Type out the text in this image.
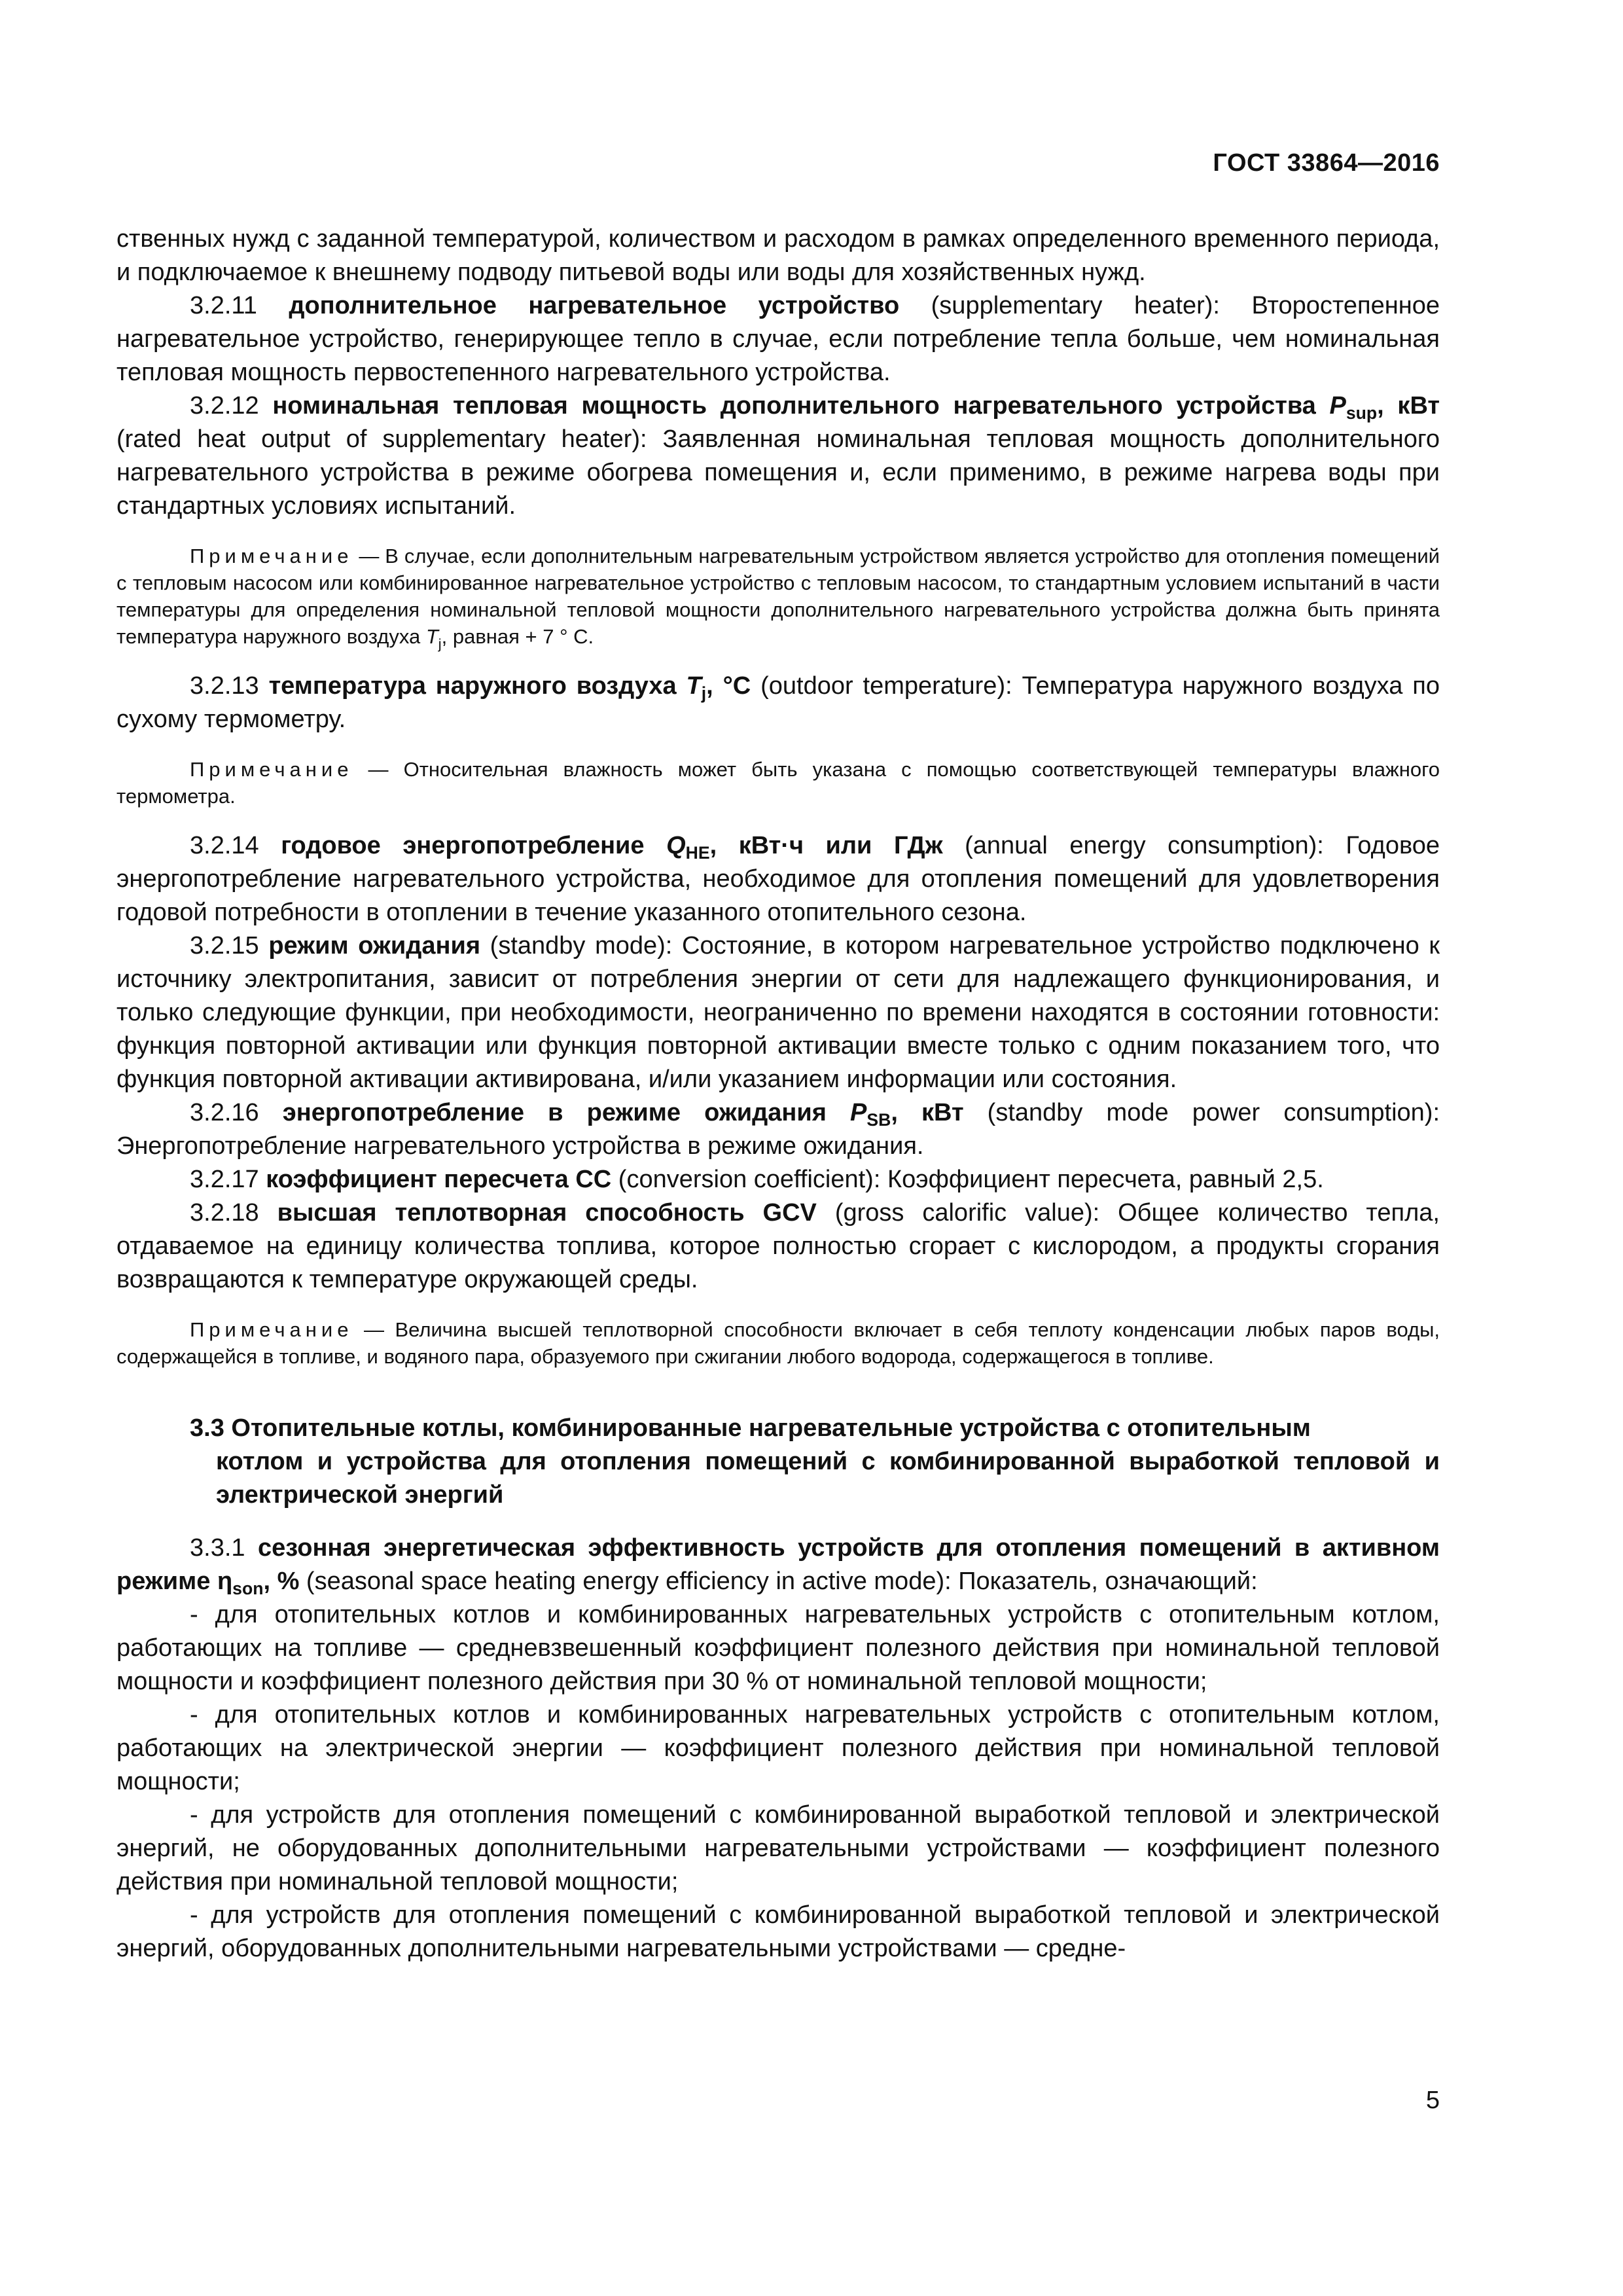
ГОСТ 33864—2016

ственных нужд с заданной температурой, количеством и расходом в рамках определенного временного периода, и подключаемое к внешнему подводу питьевой воды или воды для хозяйственных нужд.

3.2.11 дополнительное нагревательное устройство (supplementary heater): Второстепенное нагревательное устройство, генерирующее тепло в случае, если потребление тепла больше, чем номинальная тепловая мощность первостепенного нагревательного устройства.

3.2.12 номинальная тепловая мощность дополнительного нагревательного устройства $P_{sup}$, кВт (rated heat output of supplementary heater): Заявленная номинальная тепловая мощность дополнительного нагревательного устройства в режиме обогрева помещения и, если применимо, в режиме нагрева воды при стандартных условиях испытаний.

Примечание — В случае, если дополнительным нагревательным устройством является устройство для отопления помещений с тепловым насосом или комбинированное нагревательное устройство с тепловым насосом, то стандартным условием испытаний в части температуры для определения номинальной тепловой мощности дополнительного нагревательного устройства должна быть принята температура наружного воздуха $T_j$, равная + 7 ° С.

3.2.13 температура наружного воздуха $T_j$, °С (outdoor temperature): Температура наружного воздуха по сухому термометру.

Примечание — Относительная влажность может быть указана с помощью соответствующей температуры влажного термометра.

3.2.14 годовое энергопотребление $Q_{HE}$, кВт·ч или ГДж (annual energy consumption): Годовое энергопотребление нагревательного устройства, необходимое для отопления помещений для удовлетворения годовой потребности в отоплении в течение указанного отопительного сезона.

3.2.15 режим ожидания (standby mode): Состояние, в котором нагревательное устройство подключено к источнику электропитания, зависит от потребления энергии от сети для надлежащего функционирования, и только следующие функции, при необходимости, неограниченно по времени находятся в состоянии готовности: функция повторной активации или функция повторной активации вместе только с одним показанием того, что функция повторной активации активирована, и/или указанием информации или состояния.

3.2.16 энергопотребление в режиме ожидания $P_{SB}$, кВт (standby mode power consumption): Энергопотребление нагревательного устройства в режиме ожидания.

3.2.17 коэффициент пересчета СС (conversion coefficient): Коэффициент пересчета, равный 2,5.

3.2.18 высшая теплотворная способность GCV (gross calorific value): Общее количество тепла, отдаваемое на единицу количества топлива, которое полностью сгорает с кислородом, а продукты сгорания возвращаются к температуре окружающей среды.

Примечание — Величина высшей теплотворной способности включает в себя теплоту конденсации любых паров воды, содержащейся в топливе, и водяного пара, образуемого при сжигании любого водорода, содержащегося в топливе.

3.3 Отопительные котлы, комбинированные нагревательные устройства с отопительным
котлом и устройства для отопления помещений с комбинированной выработкой тепловой и электрической энергий

3.3.1 сезонная энергетическая эффективность устройств для отопления помещений в активном режиме $\eta_{son}$, % (seasonal space heating energy efficiency in active mode): Показатель, означающий:

- для отопительных котлов и комбинированных нагревательных устройств с отопительным котлом, работающих на топливе — средневзвешенный коэффициент полезного действия при номинальной тепловой мощности и коэффициент полезного действия при 30 % от номинальной тепловой мощности;

- для отопительных котлов и комбинированных нагревательных устройств с отопительным котлом, работающих на электрической энергии — коэффициент полезного действия при номинальной тепловой мощности;

- для устройств для отопления помещений с комбинированной выработкой тепловой и электрической энергий, не оборудованных дополнительными нагревательными устройствами — коэффициент полезного действия при номинальной тепловой мощности;

- для устройств для отопления помещений с комбинированной выработкой тепловой и электрической энергий, оборудованных дополнительными нагревательными устройствами — средне-

5
